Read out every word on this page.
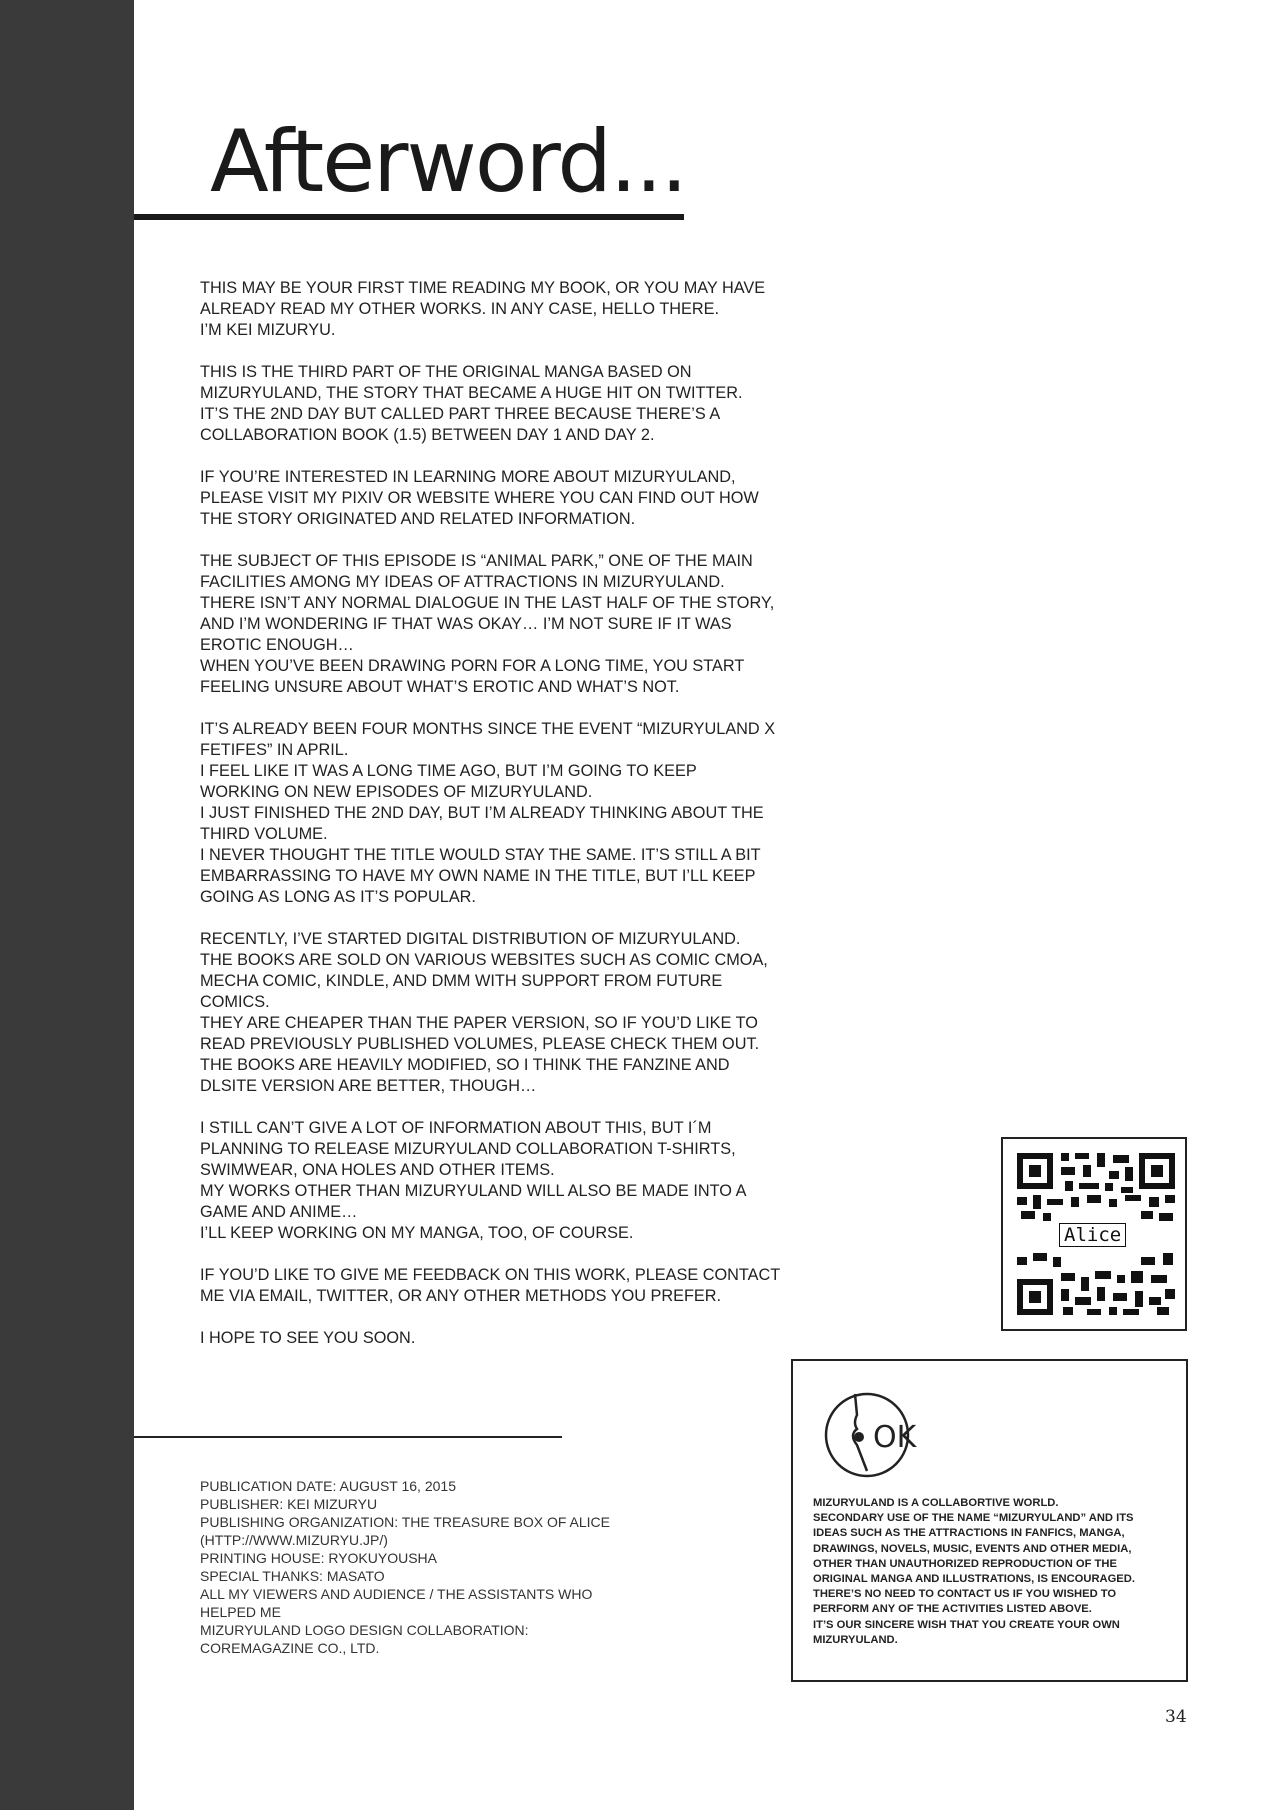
Afterword...

THIS MAY BE YOUR FIRST TIME READING MY BOOK, OR YOU MAY HAVE
ALREADY READ MY OTHER WORKS. IN ANY CASE, HELLO THERE.
I’M KEI MIZURYU.

THIS IS THE THIRD PART OF THE ORIGINAL MANGA BASED ON
MIZURYULAND, THE STORY THAT BECAME A HUGE HIT ON TWITTER.
IT’S THE 2ND DAY BUT CALLED PART THREE BECAUSE THERE’S A
COLLABORATION BOOK (1.5) BETWEEN DAY 1 AND DAY 2.

IF YOU’RE INTERESTED IN LEARNING MORE ABOUT MIZURYULAND,
PLEASE VISIT MY PIXIV OR WEBSITE WHERE YOU CAN FIND OUT HOW
THE STORY ORIGINATED AND RELATED INFORMATION.

THE SUBJECT OF THIS EPISODE IS “ANIMAL PARK,” ONE OF THE MAIN
FACILITIES AMONG MY IDEAS OF ATTRACTIONS IN MIZURYULAND.
THERE ISN’T ANY NORMAL DIALOGUE IN THE LAST HALF OF THE STORY,
AND I’M WONDERING IF THAT WAS OKAY… I’M NOT SURE IF IT WAS
EROTIC ENOUGH…
WHEN YOU’VE BEEN DRAWING PORN FOR A LONG TIME, YOU START
FEELING UNSURE ABOUT WHAT’S EROTIC AND WHAT’S NOT.

IT’S ALREADY BEEN FOUR MONTHS SINCE THE EVENT “MIZURYULAND X
FETIFES” IN APRIL.
I FEEL LIKE IT WAS A LONG TIME AGO, BUT I’M GOING TO KEEP
WORKING ON NEW EPISODES OF MIZURYULAND.
I JUST FINISHED THE 2ND DAY, BUT I’M ALREADY THINKING ABOUT THE
THIRD VOLUME.
I NEVER THOUGHT THE TITLE WOULD STAY THE SAME. IT’S STILL A BIT
EMBARRASSING TO HAVE MY OWN NAME IN THE TITLE, BUT I’LL KEEP
GOING AS LONG AS IT’S POPULAR.

RECENTLY, I’VE STARTED DIGITAL DISTRIBUTION OF MIZURYULAND.
THE BOOKS ARE SOLD ON VARIOUS WEBSITES SUCH AS COMIC CMOA,
MECHA COMIC, KINDLE, AND DMM WITH SUPPORT FROM FUTURE
COMICS.
THEY ARE CHEAPER THAN THE PAPER VERSION, SO IF YOU’D LIKE TO
READ PREVIOUSLY PUBLISHED VOLUMES, PLEASE CHECK THEM OUT.
THE BOOKS ARE HEAVILY MODIFIED, SO I THINK THE FANZINE AND
DLSITE VERSION ARE BETTER, THOUGH…

I STILL CAN’T GIVE A LOT OF INFORMATION ABOUT THIS, BUT I´M
PLANNING TO RELEASE MIZURYULAND COLLABORATION T-SHIRTS,
SWIMWEAR, ONA HOLES AND OTHER ITEMS.
MY WORKS OTHER THAN MIZURYULAND WILL ALSO BE MADE INTO A
GAME AND ANIME…
I’LL KEEP WORKING ON MY MANGA, TOO, OF COURSE.

IF YOU’D LIKE TO GIVE ME FEEDBACK ON THIS WORK, PLEASE CONTACT
ME VIA EMAIL, TWITTER, OR ANY OTHER METHODS YOU PREFER.

I HOPE TO SEE YOU SOON.

Alice
PUBLICATION DATE: AUGUST 16, 2015
PUBLISHER: KEI MIZURYU
PUBLISHING ORGANIZATION: THE TREASURE BOX OF ALICE
(HTTP://WWW.MIZURYU.JP/)
PRINTING HOUSE: RYOKUYOUSHA
SPECIAL THANKS: MASATO
ALL MY VIEWERS AND AUDIENCE / THE ASSISTANTS WHO
HELPED ME
MIZURYULAND LOGO DESIGN COLLABORATION:
COREMAGAZINE CO., LTD.
OK
MIZURYULAND IS A COLLABORTIVE WORLD.
SECONDARY USE OF THE NAME “MIZURYULAND” AND ITS
IDEAS SUCH AS THE ATTRACTIONS IN FANFICS, MANGA,
DRAWINGS, NOVELS, MUSIC, EVENTS AND OTHER MEDIA,
OTHER THAN UNAUTHORIZED REPRODUCTION OF THE
ORIGINAL MANGA AND ILLUSTRATIONS, IS ENCOURAGED.
THERE’S NO NEED TO CONTACT US IF YOU WISHED TO
PERFORM ANY OF THE ACTIVITIES LISTED ABOVE.
IT’S OUR SINCERE WISH THAT YOU CREATE YOUR OWN
MIZURYULAND.
34
